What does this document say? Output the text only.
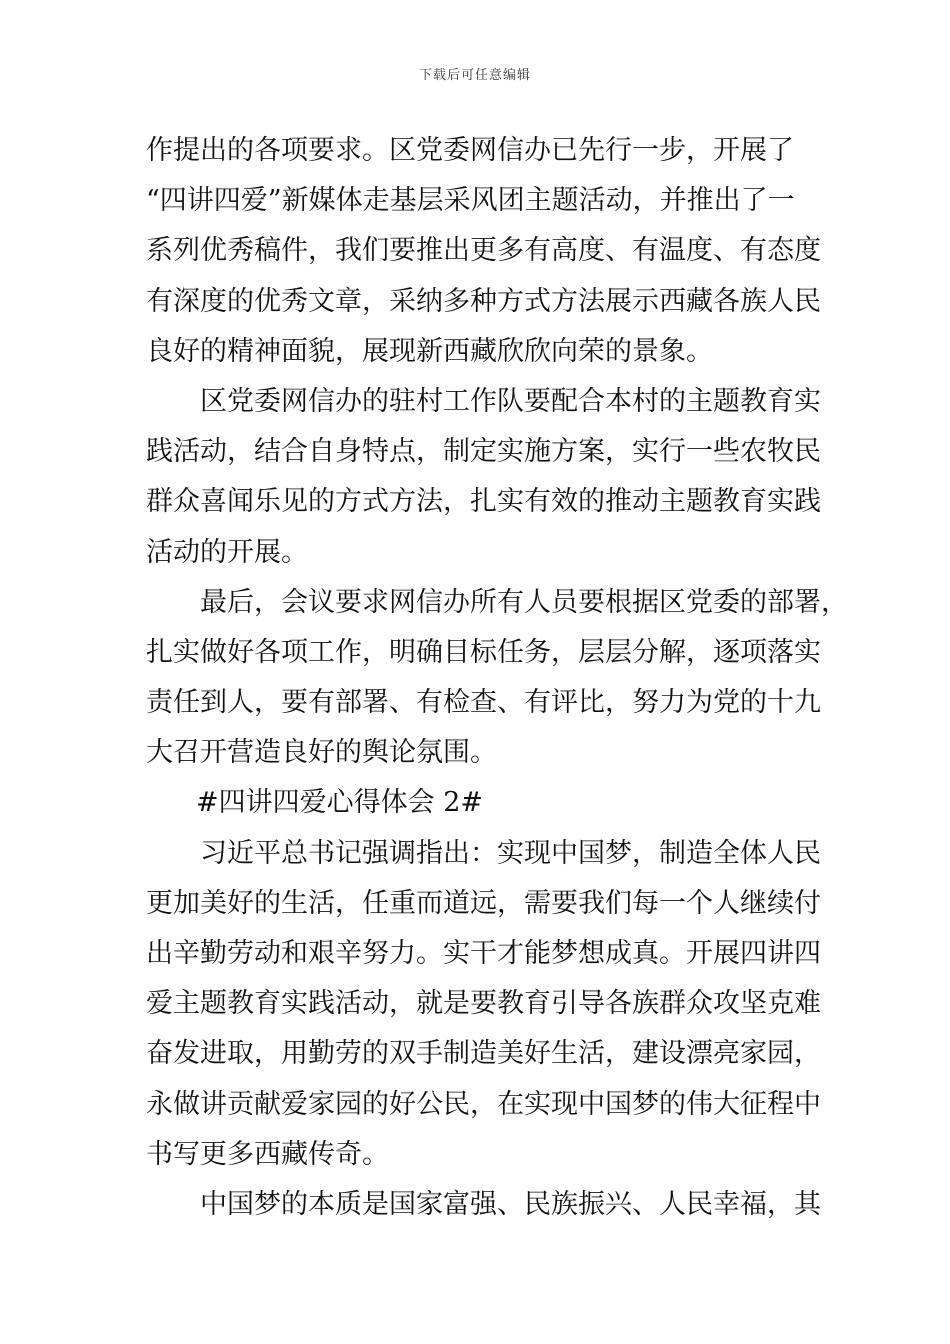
下载后可任意编辑
作提出的各项要求。区党委网信办已先行一步，开展了
“四讲四爱”新媒体走基层采风团主题活动，并推出了一
系列优秀稿件，我们要推出更多有高度、有温度、有态度
有深度的优秀文章，采纳多种方式方法展示西藏各族人民
良好的精神面貌，展现新西藏欣欣向荣的景象。
区党委网信办的驻村工作队要配合本村的主题教育实
践活动，结合自身特点，制定实施方案，实行一些农牧民
群众喜闻乐见的方式方法，扎实有效的推动主题教育实践
活动的开展。
最后，会议要求网信办所有人员要根据区党委的部署，
扎实做好各项工作，明确目标任务，层层分解，逐项落实
责任到人，要有部署、有检查、有评比，努力为党的十九
大召开营造良好的舆论氛围。
#四讲四爱心得体会 2#
习近平总书记强调指出：实现中国梦，制造全体人民
更加美好的生活，任重而道远，需要我们每一个人继续付
出辛勤劳动和艰辛努力。实干才能梦想成真。开展四讲四
爱主题教育实践活动，就是要教育引导各族群众攻坚克难
奋发进取，用勤劳的双手制造美好生活，建设漂亮家园，
永做讲贡献爱家园的好公民，在实现中国梦的伟大征程中
书写更多西藏传奇。
中国梦的本质是国家富强、民族振兴、人民幸福，其
